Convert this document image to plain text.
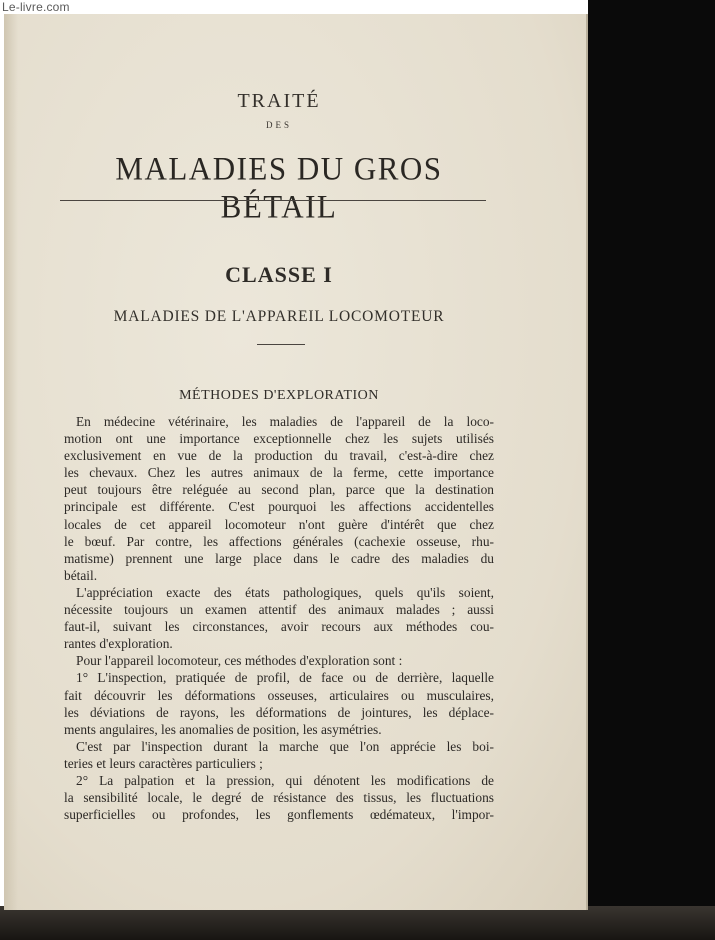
Le-livre.com
TRAITÉ
DES
MALADIES DU GROS BÉTAIL
CLASSE I
MALADIES DE L'APPAREIL LOCOMOTEUR
MÉTHODES D'EXPLORATION
En médecine vétérinaire, les maladies de l'appareil de la loco-
motion ont une importance exceptionnelle chez les sujets utilisés
exclusivement en vue de la production du travail, c'est-à-dire chez
les chevaux. Chez les autres animaux de la ferme, cette importance
peut toujours être reléguée au second plan, parce que la destination
principale est différente. C'est pourquoi les affections accidentelles
locales de cet appareil locomoteur n'ont guère d'intérêt que chez
le bœuf. Par contre, les affections générales (cachexie osseuse, rhu-
matisme) prennent une large place dans le cadre des maladies du
bétail.
L'appréciation exacte des états pathologiques, quels qu'ils soient,
nécessite toujours un examen attentif des animaux malades ; aussi
faut-il, suivant les circonstances, avoir recours aux méthodes cou-
rantes d'exploration.
Pour l'appareil locomoteur, ces méthodes d'exploration sont :
1° L'inspection, pratiquée de profil, de face ou de derrière, laquelle
fait découvrir les déformations osseuses, articulaires ou musculaires,
les déviations de rayons, les déformations de jointures, les déplace-
ments angulaires, les anomalies de position, les asymétries.
C'est par l'inspection durant la marche que l'on apprécie les boi-
teries et leurs caractères particuliers ;
2° La palpation et la pression, qui dénotent les modifications de
la sensibilité locale, le degré de résistance des tissus, les fluctuations
superficielles ou profondes, les gonflements œdémateux, l'impor-
